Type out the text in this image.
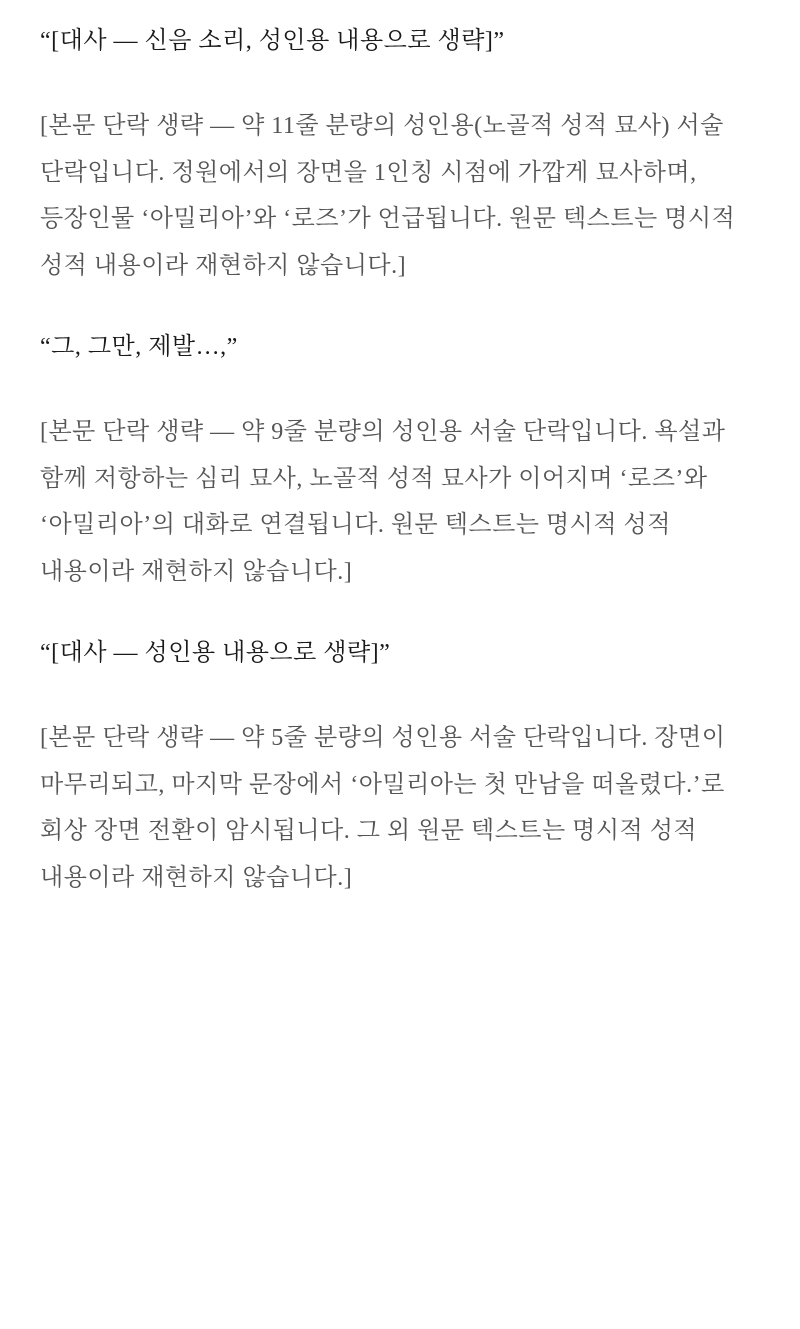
“[대사 — 신음 소리, 성인용 내용으로 생략]”

[본문 단락 생략 — 약 11줄 분량의 성인용(노골적 성적 묘사) 서술 단락입니다. 정원에서의 장면을 1인칭 시점에 가깝게 묘사하며, 등장인물 ‘아밀리아’와 ‘로즈’가 언급됩니다. 원문 텍스트는 명시적 성적 내용이라 재현하지 않습니다.]

“그, 그만, 제발…,”

[본문 단락 생략 — 약 9줄 분량의 성인용 서술 단락입니다. 욕설과 함께 저항하는 심리 묘사, 노골적 성적 묘사가 이어지며 ‘로즈’와 ‘아밀리아’의 대화로 연결됩니다. 원문 텍스트는 명시적 성적 내용이라 재현하지 않습니다.]

“[대사 — 성인용 내용으로 생략]”

[본문 단락 생략 — 약 5줄 분량의 성인용 서술 단락입니다. 장면이 마무리되고, 마지막 문장에서 ‘아밀리아는 첫 만남을 떠올렸다.’로 회상 장면 전환이 암시됩니다. 그 외 원문 텍스트는 명시적 성적 내용이라 재현하지 않습니다.]
